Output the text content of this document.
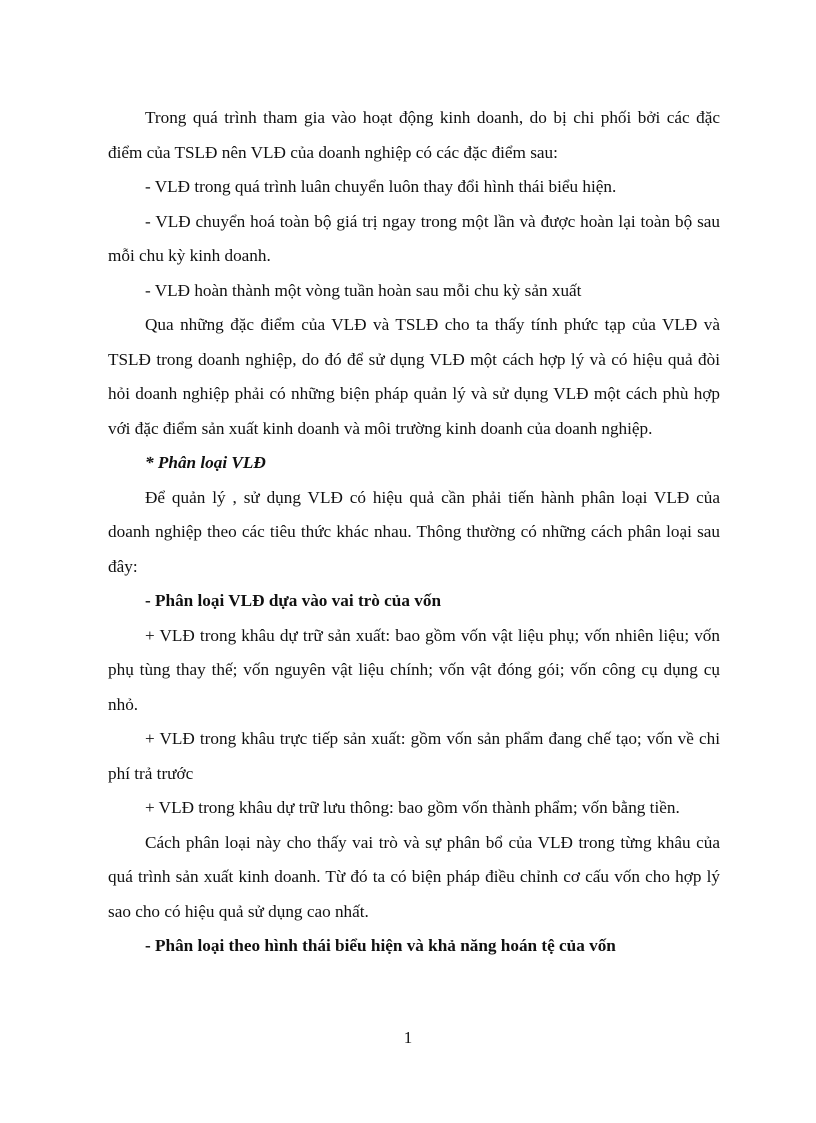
Trong quá trình tham gia vào hoạt động kinh doanh, do bị chi phối bởi các đặc điểm của TSLĐ nên VLĐ của doanh nghiệp có các đặc điểm sau:

- VLĐ trong quá trình luân chuyển luôn thay đổi hình thái biểu hiện.

- VLĐ chuyển hoá toàn bộ giá trị ngay trong một lần và được hoàn lại toàn bộ sau mỗi chu kỳ kinh doanh.

- VLĐ hoàn thành một vòng tuần hoàn sau mỗi chu kỳ sản xuất

Qua những đặc điểm của VLĐ và TSLĐ cho ta thấy tính phức tạp của VLĐ và TSLĐ trong doanh nghiệp, do đó để sử dụng VLĐ một cách hợp lý và có hiệu quả đòi hỏi doanh nghiệp phải có những biện pháp quản lý và sử dụng VLĐ một cách phù hợp với đặc điểm sản xuất kinh doanh và môi trường kinh doanh của doanh nghiệp.

* Phân loại VLĐ

Để quản lý , sử dụng VLĐ có hiệu quả cần phải tiến hành phân loại VLĐ của doanh nghiệp theo các tiêu thức khác nhau. Thông thường có những cách phân loại sau đây:

- Phân loại VLĐ dựa vào vai trò của vốn

+ VLĐ trong khâu dự trữ sản xuất: bao gồm vốn vật liệu phụ; vốn nhiên liệu; vốn phụ tùng thay thế; vốn nguyên vật liệu chính; vốn vật đóng gói; vốn công cụ dụng cụ nhỏ.

+ VLĐ trong khâu trực tiếp sản xuất: gồm vốn sản phẩm đang chế tạo; vốn về chi phí trả trước

+ VLĐ trong khâu dự trữ lưu thông: bao gồm vốn thành phẩm; vốn bằng tiền.

Cách phân loại này cho thấy vai trò và sự phân bổ của VLĐ trong từng khâu của quá trình sản xuất kinh doanh. Từ đó ta có biện pháp điều chỉnh cơ cấu vốn cho hợp lý sao cho có hiệu quả sử dụng cao nhất.

- Phân loại theo hình thái biểu hiện và khả năng hoán tệ của vốn

1
